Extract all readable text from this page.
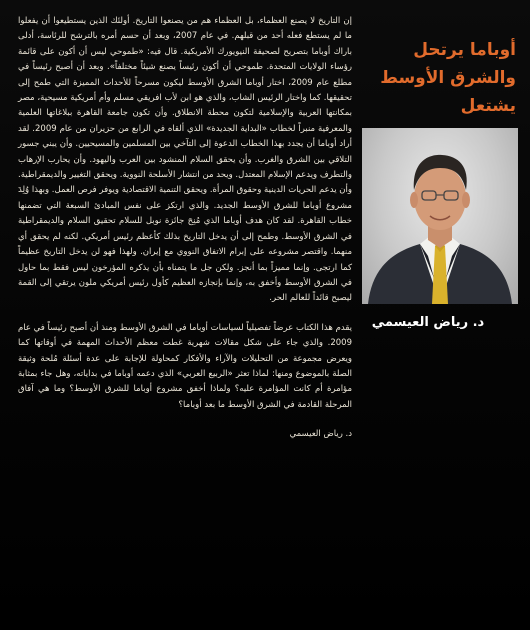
إن التاريخ لا يصنع العظماء، بل العظماء هم من يصنعوا التاريخ. أولئك الذين يستطيعوا أن يفعلوا ما لم يستطع فعله أحد من قبلهم. في عام 2007، وبعد أن حسم أمره بالترشح للرئاسة، أدلى باراك أوباما بتصريح لصحيفة النيويورك الأمريكية. قال فيه: «طموحي ليس أن أكون على قائمة رؤساء الولايات المتحدة. طموحي أن أكون رئيساً يصنع شيئاً مختلفاً». وبعد أن أصبح رئيساً في مطلع عام 2009، اختار أوباما الشرق الأوسط ليكون مسرحاً للأحداث المميزة التي طمح إلى تحقيقها. كما واختار الرئيس الشاب، والذي هو ابن لأب افريقي مسلم وأم أمريكية مسيحية، مصر بمكانتها العربية والإسلامية لتكون محطة الانطلاق. وأن تكون جامعة القاهرة ببلاغاتها العلمية والمعرفية منبراً لخطاب «البداية الجديدة» الذي ألقاه في الرابع من حزيران من عام 2009. لقد أراد أوباما أن يجدد بهذا الخطاب الدعوة إلى التآخي بين المسلمين والمسيحيين. وأن يبني جسور التلاقي بين الشرق والغرب. وأن يحقق السلام المنشود بين العرب واليهود. وأن يحارب الإرهاب والتطرف ويدعم الإسلام المعتدل. ويحد من انتشار الأسلحة النووية. ويحقق التغيير والديمقراطية. وأن يدعم الحريات الدينية وحقوق المرأة. ويحقق التنمية الاقتصادية ويوفر فرص العمل. وبهذا وُلِدَ مشروع أوباما للشرق الأوسط الجديد. والذي ارتكز على نفس المبادئ السبعة التي تضمنها خطاب القاهرة. لقد كان هدف أوباما الذي مُنِحَ جائزة نوبل للسلام تحقيق السلام والديمقراطية في الشرق الأوسط. وطمح إلى أن يدخل التاريخ بذلك كأعظم رئيس أمريكي. لكنه لم يحقق أي منهما. واقتصر مشروعه على إبرام الاتفاق النووي مع إيران. ولهذا فهو لن يدخل التاريخ عظيماً كما ارتجى. وإنما مميزاً بما أنجز. ولكن جل ما يتمناه بأن يذكره المؤرخون ليس فقط بما حاول في الشرق الأوسط وأخفق به، وإنما بإنجازه العظيم كأول رئيس أمريكي ملون يرتقي إلى القمة ليصبح قائداً للعالم الحر.

يقدم هذا الكتاب عرضاً تفصيلياً لسياسات أوباما في الشرق الأوسط ومنذ أن أصبح رئيساً في عام 2009. والذي جاء على شكل مقالات شهرية غطت معظم الأحداث المهمة في أوقاتها كما ويعرض مجموعة من التحليلات والآراء والأفكار كمحاولة للإجابة على عدة أسئلة مُلحة وثيقة الصلة بالموضوع ومنها: لماذا تعثر «الربيع العربي» الذي دعمه أوباما في بداياته، وهل جاء بمثابة مؤامرة أم كانت المؤامرة عليه؟ ولماذا أخفق مشروع أوباما للشرق الأوسط؟ وما هي آفاق المرحلة القادمة في الشرق الأوسط ما بعد أوباما؟

د. رياض العيسمي

أوباما يرتحل
والشرق الأوسط
يشتعل
د. رياض العيسمي
